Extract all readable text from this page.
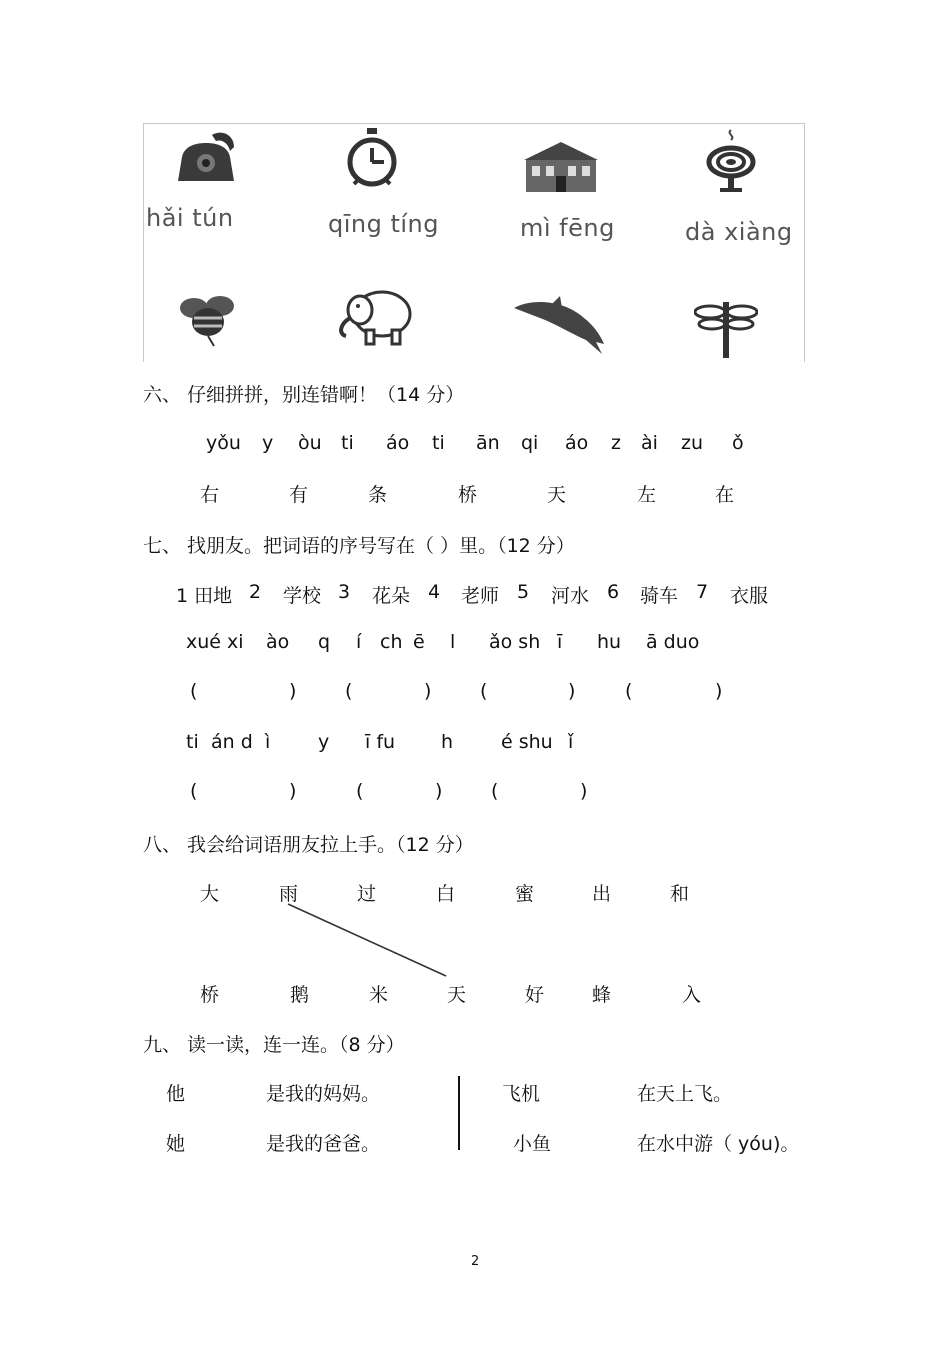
hǎi tún	qīng tíng	mì fēng	dà xiàng
六、 仔细拼拼，别连错啊！（14 分）
yǒu y òu ti áo ti ān qi áo z ài zu ǒ
右	有	条	桥	天	左	在
七、 找朋友。把词语的序号写在（ ）里。（12 分）
1 田地 2 学校 3 花朵 4 老师 5 河水 6 骑车 7 衣服
xué xi ào q í ch ē l ǎo sh ī hu ā duo
(	)	(	)	(	)	(	)
ti án d ì	y ī fu h	é shu ǐ
(	)	(	)	(	)
八、 我会给词语朋友拉上手。（12 分）
大	雨	过	白	蜜	出	和
桥	鹅	米	天	好	蜂	入
九、 读一读，连一连。（8 分）
他	是我的妈妈。
她	是我的爸爸。
飞机	在天上飞。
小鱼	在水中游（ yóu)。
2
